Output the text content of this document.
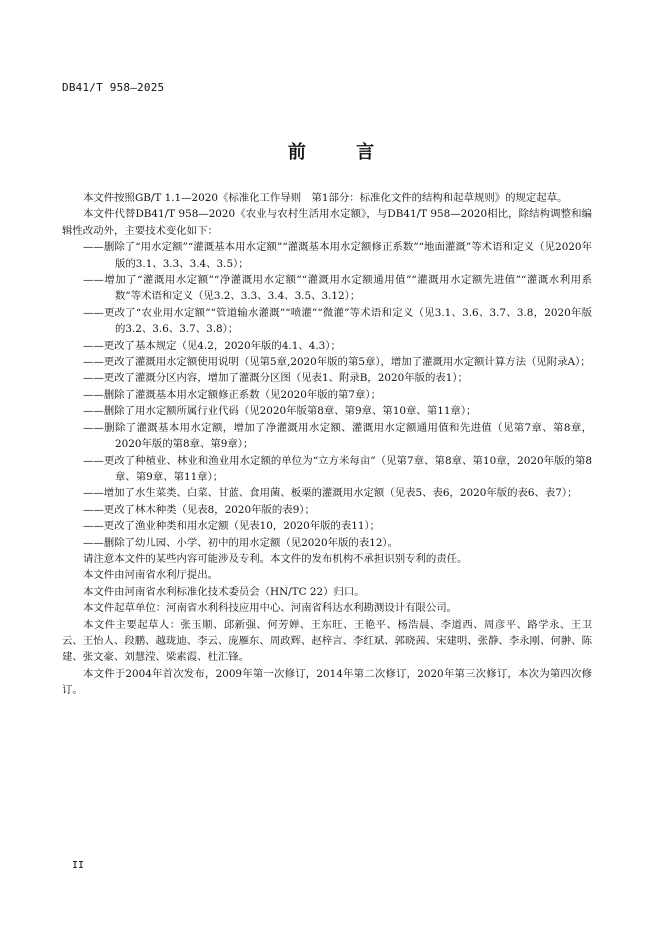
DB41/T 958—2025
前 言

本文件按照GB/T 1.1—2020《标准化工作导则　第1部分：标准化文件的结构和起草规则》的规定起草。

本文件代替DB41/T 958—2020《农业与农村生活用水定额》，与DB41/T 958—2020相比，除结构调整和编辑性改动外，主要技术变化如下：

——删除了“用水定额”“灌溉基本用水定额”“灌溉基本用水定额修正系数”“地面灌溉”等术语和定义（见2020年版的3.1、3.3、3.4、3.5）；

——增加了“灌溉用水定额”“净灌溉用水定额”“灌溉用水定额通用值”“灌溉用水定额先进值”“灌溉水利用系数”等术语和定义（见3.2、3.3、3.4、3.5、3.12）；

——更改了“农业用水定额”“管道输水灌溉”“喷灌”“微灌”等术语和定义（见3.1、3.6、3.7、3.8，2020年版的3.2、3.6、3.7、3.8）；

——更改了基本规定（见4.2，2020年版的4.1、4.3）；

——更改了灌溉用水定额使用说明（见第5章,2020年版的第5章），增加了灌溉用水定额计算方法（见附录A）；

——更改了灌溉分区内容，增加了灌溉分区图（见表1、附录B，2020年版的表1）；

——删除了灌溉基本用水定额修正系数（见2020年版的第7章）；

——删除了用水定额所属行业代码（见2020年版第8章、第9章、第10章、第11章）；

——删除了灌溉基本用水定额，增加了净灌溉用水定额、灌溉用水定额通用值和先进值（见第7章、第8章，2020年版的第8章、第9章）；

——更改了种植业、林业和渔业用水定额的单位为“立方米每亩”（见第7章、第8章、第10章，2020年版的第8章、第9章、第11章）；

——增加了水生菜类、白菜、甘蓝、食用菌、板栗的灌溉用水定额（见表5、表6，2020年版的表6、表7）；

——更改了林木种类（见表8，2020年版的表9）；

——更改了渔业种类和用水定额（见表10，2020年版的表11）；

——删除了幼儿园、小学、初中的用水定额（见2020年版的表12）。

请注意本文件的某些内容可能涉及专利。本文件的发布机构不承担识别专利的责任。

本文件由河南省水利厅提出。

本文件由河南省水利标准化技术委员会（HN/TC 22）归口。

本文件起草单位：河南省水利科技应用中心、河南省科达水利勘测设计有限公司。

本文件主要起草人：张玉顺、邱新强、何芳婵、王东旺、王艳平、杨浩晨、李道西、周彦平、路学永、王卫云、王怡人、段鹏、越珑迪、李云、庞雁东、周政辉、赵梓言、李红斌、郭晓茜、宋建明、张静、李永刚、何翀、陈建、张文豪、刘慧滢、梁素霞、杜汇锋。

本文件于2004年首次发布，2009年第一次修订，2014年第二次修订，2020年第三次修订，本次为第四次修订。

II
